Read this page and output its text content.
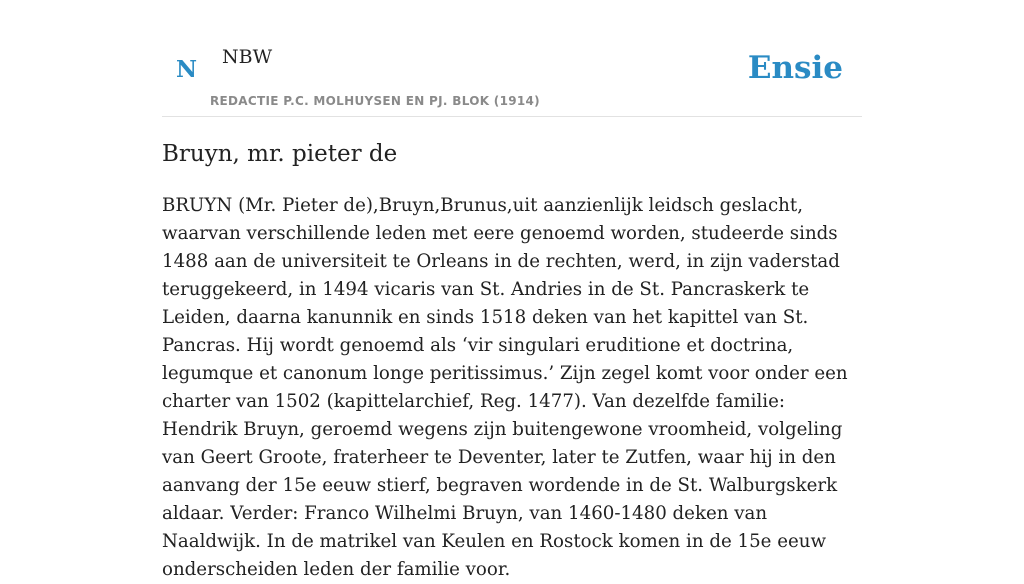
N NBW
REDACTIE P.C. MOLHUYSEN EN PJ. BLOK (1914)
Ensie
Bruyn, mr. pieter de

BRUYN (Mr. Pieter de),Bruyn,Brunus,uit aanzienlijk leidsch geslacht, waarvan verschillende leden met eere genoemd worden, studeerde sinds 1488 aan de universiteit te Orleans in de rechten, werd, in zijn vaderstad teruggekeerd, in 1494 vicaris van St. Andries in de St. Pancraskerk te Leiden, daarna kanunnik en sinds 1518 deken van het kapittel van St. Pancras. Hij wordt genoemd als ‘vir singulari eruditione et doctrina, legumque et canonum longe peritissimus.’ Zijn zegel komt voor onder een charter van 1502 (kapittelarchief, Reg. 1477). Van dezelfde familie: Hendrik Bruyn, geroemd wegens zijn buitengewone vroomheid, volgeling van Geert Groote, fraterheer te Deventer, later te Zutfen, waar hij in den aanvang der 15e eeuw stierf, begraven wordende in de St. Walburgskerk aldaar. Verder: Franco Wilhelmi Bruyn, van 1460-1480 deken van Naaldwijk. In de matrikel van Keulen en Rostock komen in de 15e eeuw onderscheiden leden der familie voor.
